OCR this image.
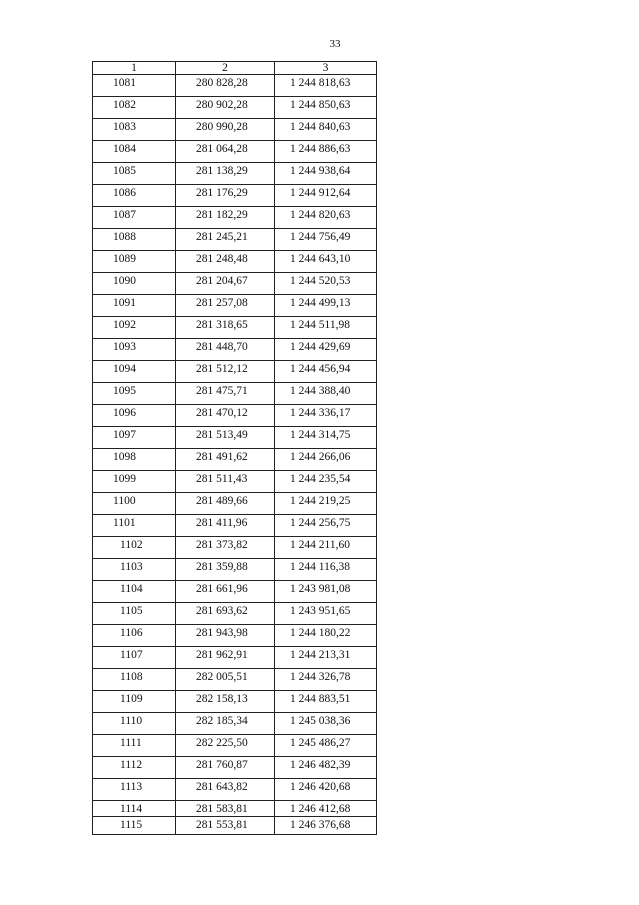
33
1	2	3
1081	280 828,28	1 244 818,63
1082	280 902,28	1 244 850,63
1083	280 990,28	1 244 840,63
1084	281 064,28	1 244 886,63
1085	281 138,29	1 244 938,64
1086	281 176,29	1 244 912,64
1087	281 182,29	1 244 820,63
1088	281 245,21	1 244 756,49
1089	281 248,48	1 244 643,10
1090	281 204,67	1 244 520,53
1091	281 257,08	1 244 499,13
1092	281 318,65	1 244 511,98
1093	281 448,70	1 244 429,69
1094	281 512,12	1 244 456,94
1095	281 475,71	1 244 388,40
1096	281 470,12	1 244 336,17
1097	281 513,49	1 244 314,75
1098	281 491,62	1 244 266,06
1099	281 511,43	1 244 235,54
1100	281 489,66	1 244 219,25
1101	281 411,96	1 244 256,75
1102	281 373,82	1 244 211,60
1103	281 359,88	1 244 116,38
1104	281 661,96	1 243 981,08
1105	281 693,62	1 243 951,65
1106	281 943,98	1 244 180,22
1107	281 962,91	1 244 213,31
1108	282 005,51	1 244 326,78
1109	282 158,13	1 244 883,51
1110	282 185,34	1 245 038,36
1111	282 225,50	1 245 486,27
1112	281 760,87	1 246 482,39
1113	281 643,82	1 246 420,68
1114	281 583,81	1 246 412,68
1115	281 553,81	1 246 376,68
